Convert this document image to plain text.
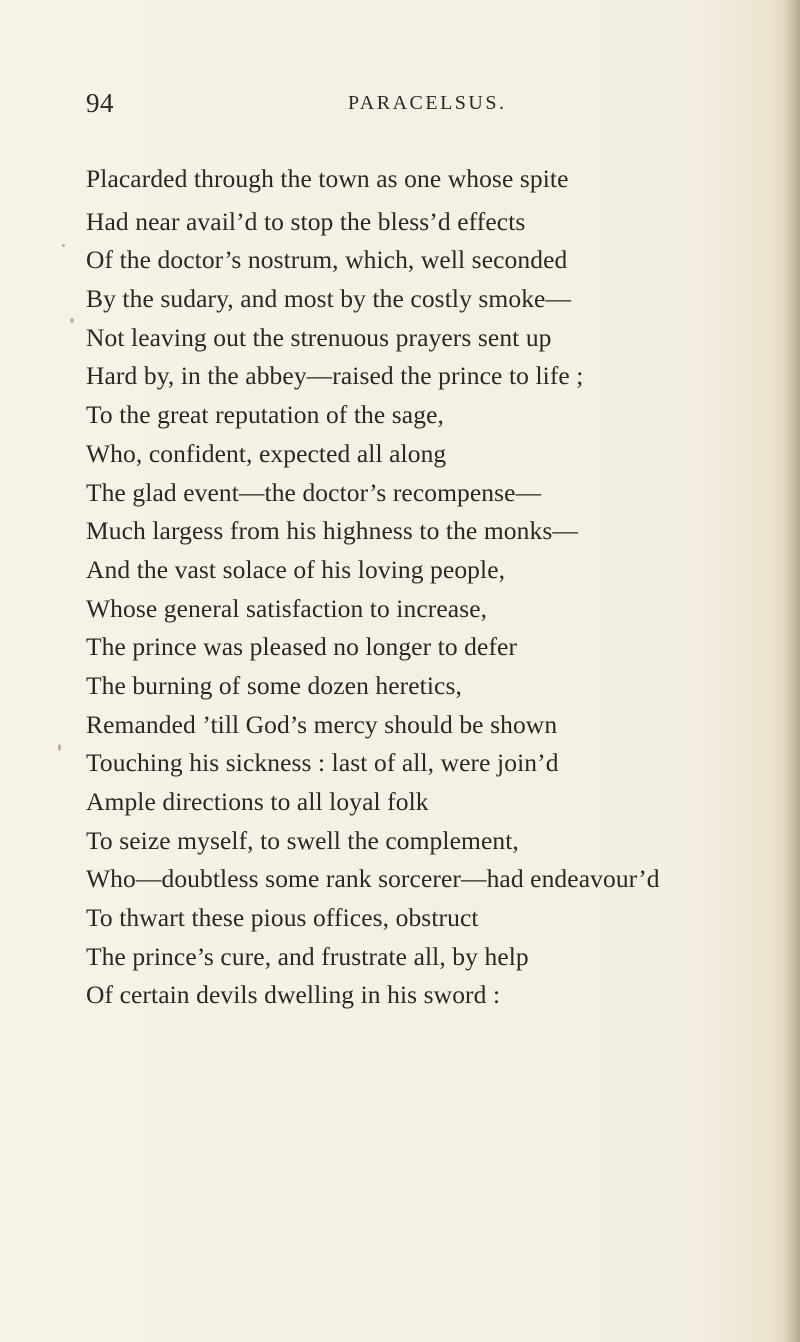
94	PARACELSUS.
Placarded through the town as one whose spite
Had near avail’d to stop the bless’d effects
Of the doctor’s nostrum, which, well seconded
By the sudary, and most by the costly smoke—
Not leaving out the strenuous prayers sent up
Hard by, in the abbey—raised the prince to life ;
To the great reputation of the sage,
Who, confident, expected all along
The glad event—the doctor’s recompense—
Much largess from his highness to the monks—
And the vast solace of his loving people,
Whose general satisfaction to increase,
The prince was pleased no longer to defer
The burning of some dozen heretics,
Remanded ’till God’s mercy should be shown
Touching his sickness : last of all, were join’d
Ample directions to all loyal folk
To seize myself, to swell the complement,
Who—doubtless some rank sorcerer—had endeavour’d
To thwart these pious offices, obstruct
The prince’s cure, and frustrate all, by help
Of certain devils dwelling in his sword :
